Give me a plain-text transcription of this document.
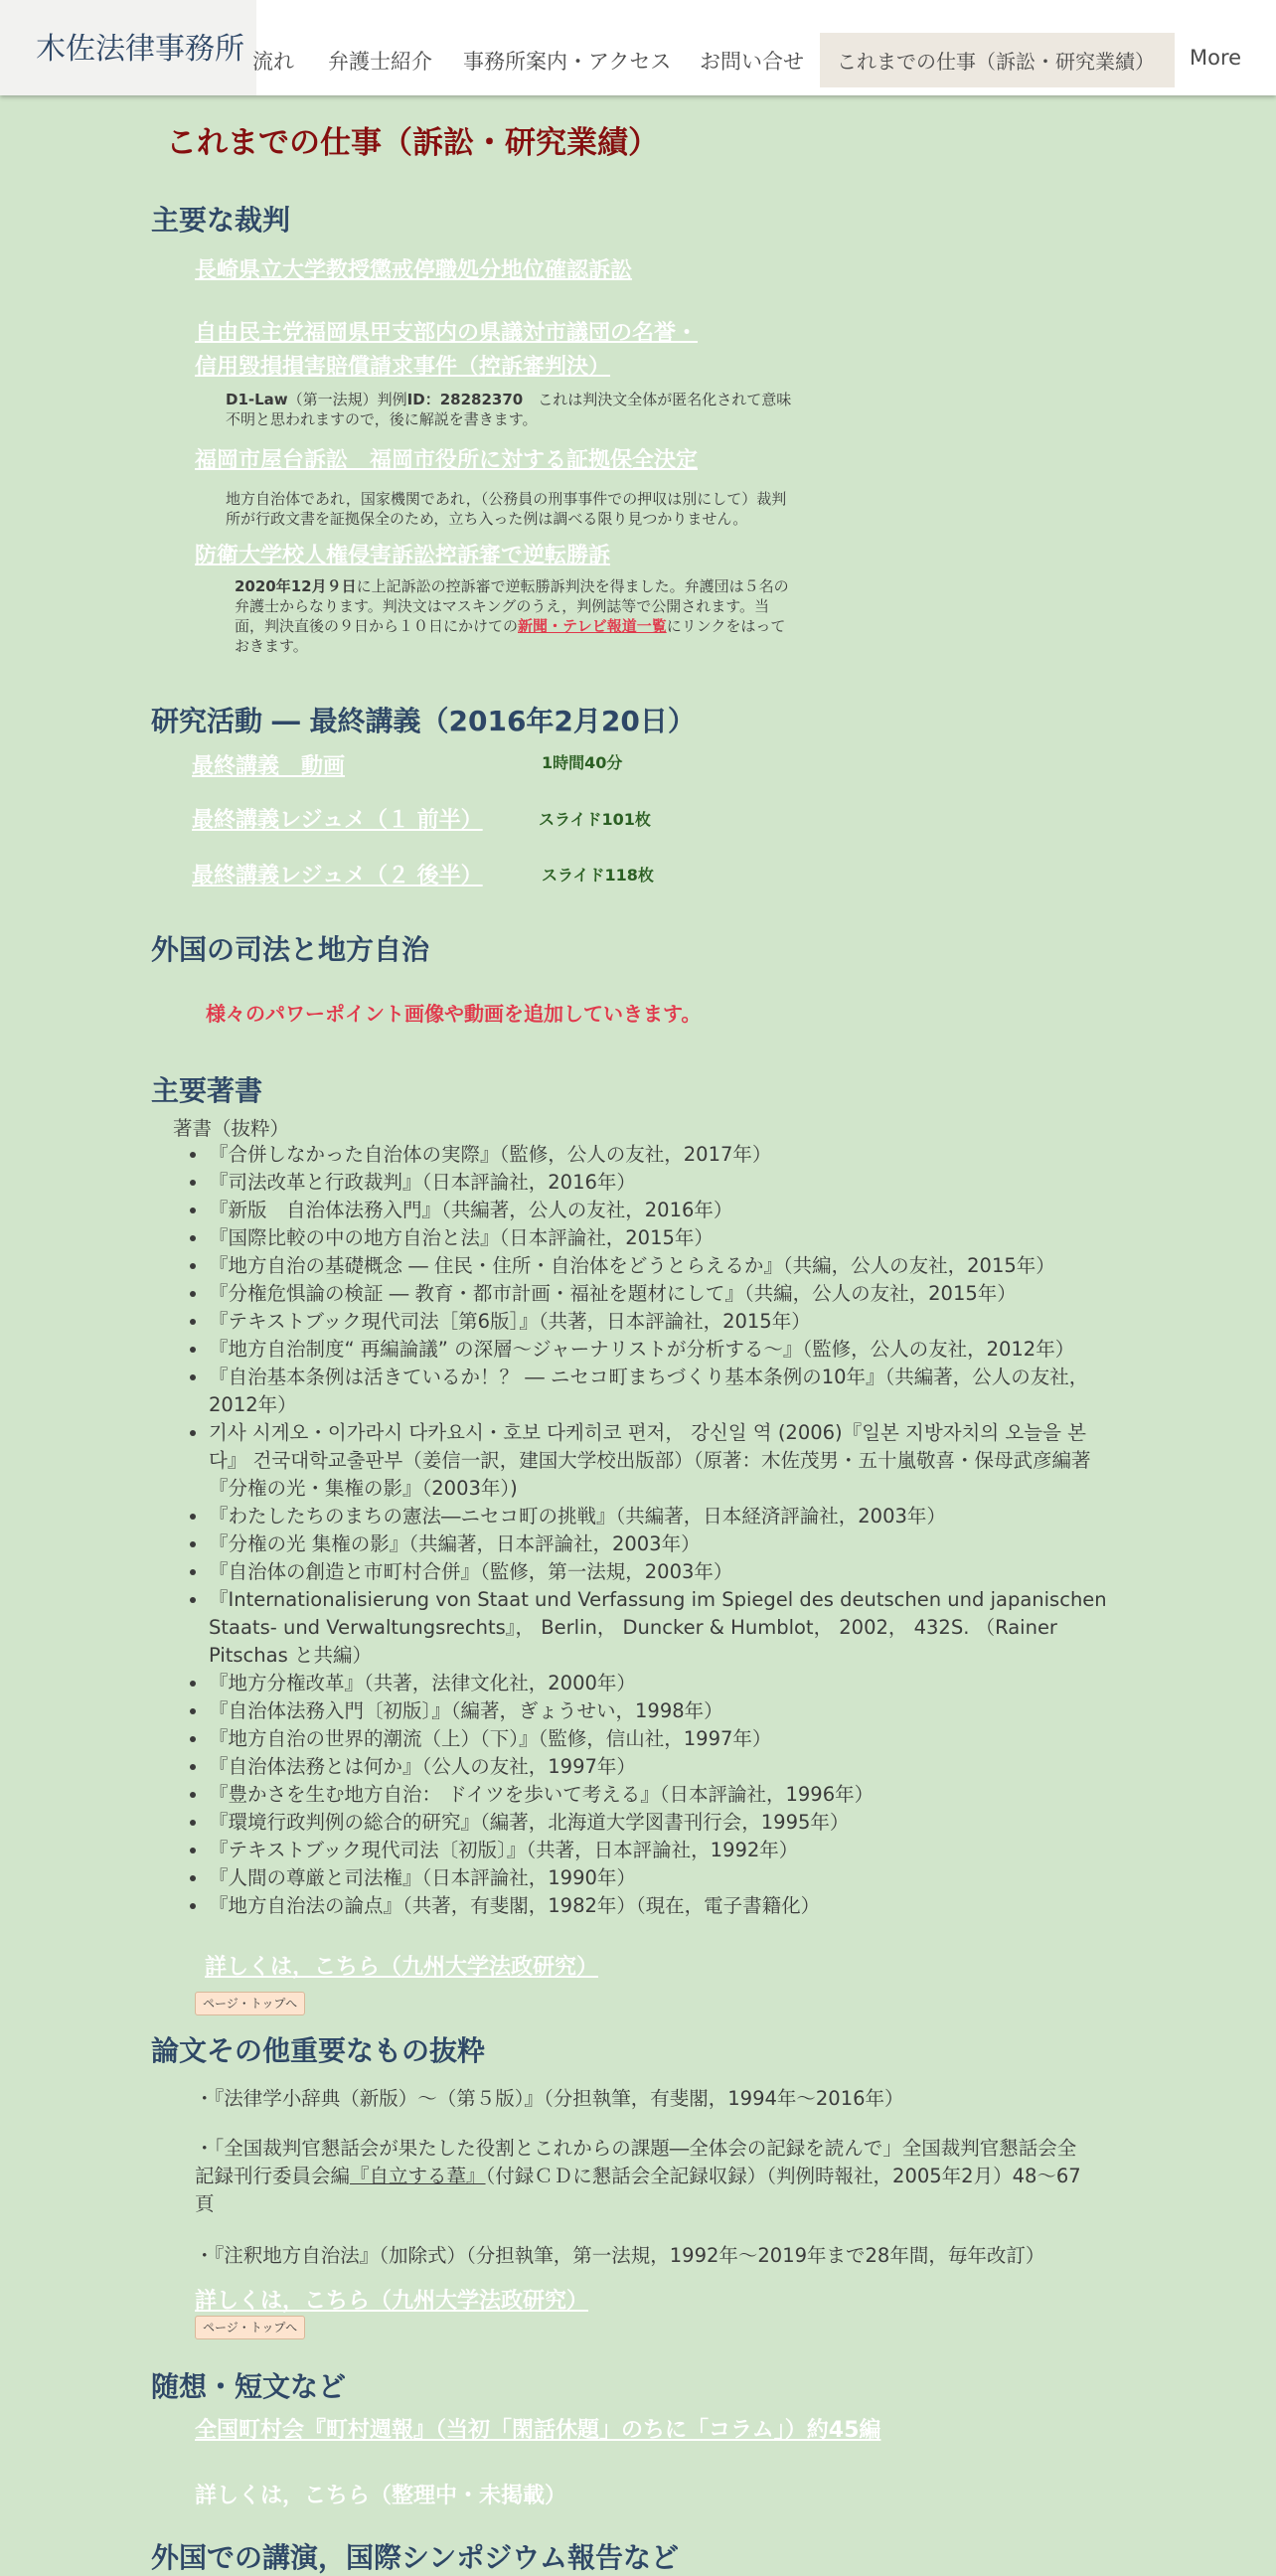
木佐法律事務所 流れ 弁護士紹介 事務所案内・アクセス お問い合せ これまでの仕事（訴訟・研究業績） More
これまでの仕事（訴訟・研究業績）
主要な裁判
長崎県立大学教授懲戒停職処分地位確認訴訟
自由民主党福岡県甲支部内の県議対市議団の名誉・信用毀損損害賠償請求事件（控訴審判決）
D1-Law（第一法規）判例ID：28282370　これは判決文全体が匿名化されて意味不明と思われますので，後に解説を書きます。
福岡市屋台訴訟　福岡市役所に対する証拠保全決定
地方自治体であれ，国家機関であれ，（公務員の刑事事件での押収は別にして）裁判所が行政文書を証拠保全のため，立ち入った例は調べる限り見つかりません。
防衛大学校人権侵害訴訟控訴審で逆転勝訴
2020年12月９日に上記訴訟の控訴審で逆転勝訴判決を得ました。弁護団は５名の弁護士からなります。判決文はマスキングのうえ，判例誌等で公開されます。当面，判決直後の９日から１０日にかけての新聞・テレビ報道一覧にリンクをはっておきます。
研究活動 ― 最終講義（2016年2月20日）
最終講義　動画	1時間40分
最終講義レジュメ（１ 前半）	スライド101枚
最終講義レジュメ（２ 後半）	スライド118枚
外国の司法と地方自治
様々のパワーポイント画像や動画を追加していきます。
主要著書
著書（抜粋）
• 『合併しなかった自治体の実際』（監修，公人の友社，2017年）
• 『司法改革と行政裁判』（日本評論社，2016年）
• 『新版　自治体法務入門』（共編著，公人の友社，2016年）
• 『国際比較の中の地方自治と法』（日本評論社，2015年）
• 『地方自治の基礎概念 ― 住民・住所・自治体をどうとらえるか』（共編，公人の友社，2015年）
• 『分権危惧論の検証 ― 教育・都市計画・福祉を題材にして』（共編，公人の友社，2015年）
• 『テキストブック現代司法［第6版］』（共著，日本評論社，2015年）
• 『地方自治制度“ 再編論議” の深層～ジャーナリストが分析する～』（監修，公人の友社，2012年）
• 『自治基本条例は活きているか！？ ― ニセコ町まちづくり基本条例の10年』（共編著，公人の友社，2012年）
• 기사 시게오・이가라시 다카요시・호보 다케히코 편저， 강신일 역 (2006)『일본 지방자치의 오늘을 본다』 건국대학교출판부（姜信一訳，建国大学校出版部）（原著：木佐茂男・五十嵐敬喜・保母武彦編著『分権の光・集権の影』（2003年）)
• 『わたしたちのまちの憲法―ニセコ町の挑戦』（共編著，日本経済評論社，2003年）
• 『分権の光 集権の影』（共編著，日本評論社，2003年）
• 『自治体の創造と市町村合併』（監修，第一法規，2003年）
• 『Internationalisierung von Staat und Verfassung im Spiegel des deutschen und japanischen Staats- und Verwaltungsrechts』， Berlin， Duncker & Humblot， 2002， 432S. （Rainer Pitschas と共編）
• 『地方分権改革』（共著，法律文化社，2000年）
• 『自治体法務入門〔初版〕』（編著，ぎょうせい，1998年）
• 『地方自治の世界的潮流（上）（下）』（監修，信山社，1997年）
• 『自治体法務とは何か』（公人の友社，1997年）
• 『豊かさを生む地方自治： ドイツを歩いて考える』（日本評論社，1996年）
• 『環境行政判例の総合的研究』（編著，北海道大学図書刊行会，1995年）
• 『テキストブック現代司法〔初版〕』（共著，日本評論社，1992年）
• 『人間の尊厳と司法権』（日本評論社，1990年）
• 『地方自治法の論点』（共著，有斐閣，1982年）（現在，電子書籍化）
詳しくは，こちら（九州大学法政研究）
ページ・トップへ
論文その他重要なもの抜粋
・『法律学小辞典（新版）～（第５版）』（分担執筆，有斐閣，1994年～2016年）
・「全国裁判官懇話会が果たした役割とこれからの課題―全体会の記録を読んで」全国裁判官懇話会全記録刊行委員会編『自立する葦』（付録ＣＤに懇話会全記録収録）（判例時報社，2005年2月）48～67頁
・『注釈地方自治法』（加除式）（分担執筆，第一法規，1992年～2019年まで28年間，毎年改訂）
詳しくは，こちら（九州大学法政研究）
ページ・トップへ
随想・短文など
全国町村会『町村週報』（当初「閑話休題」のちに「コラム」）約45編
詳しくは，こちら（整理中・未掲載）
外国での講演，国際シンポジウム報告など
